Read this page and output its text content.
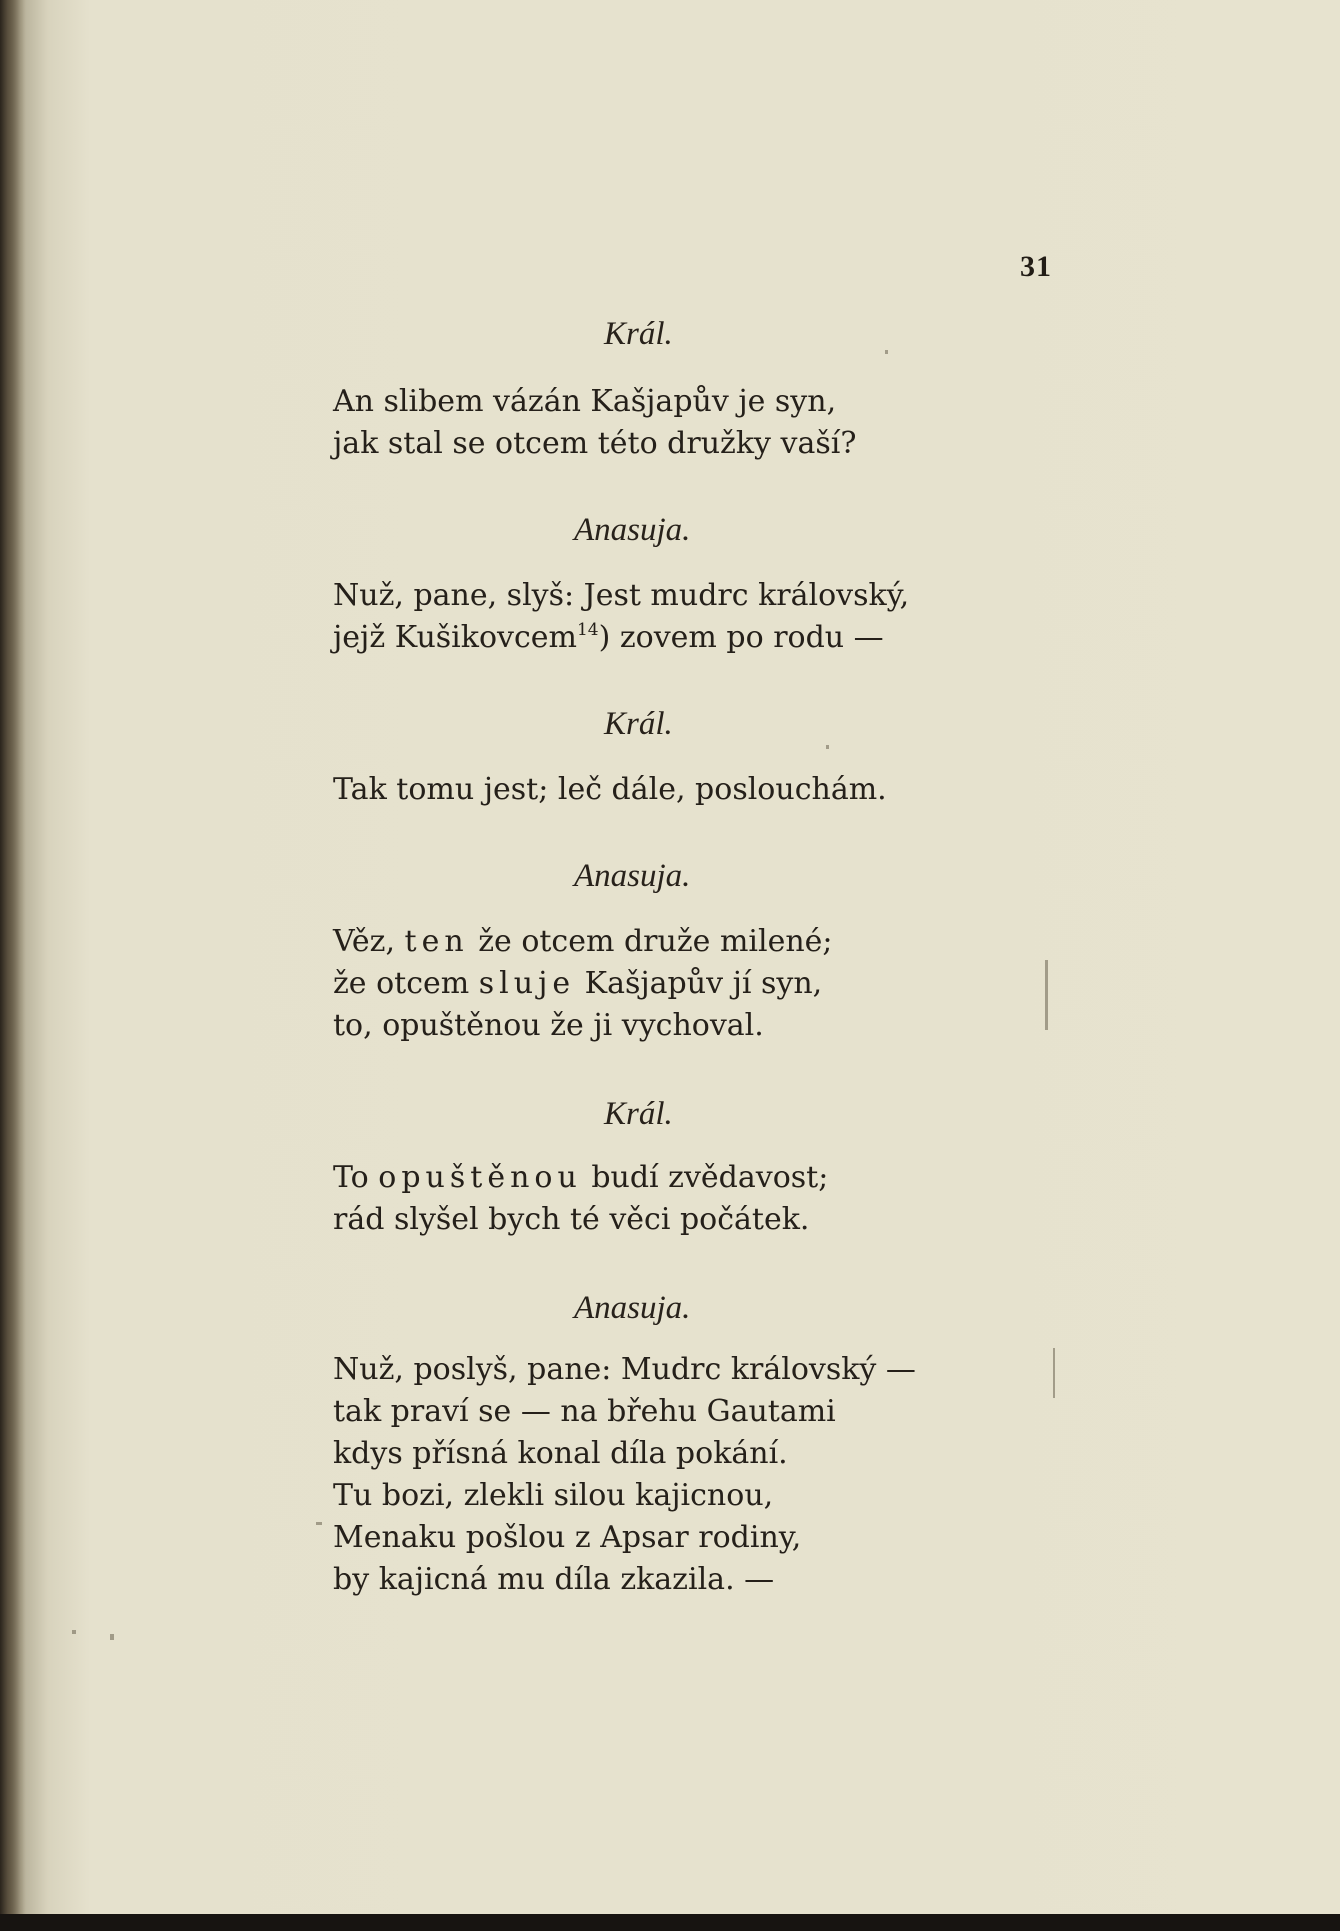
31
Král.
An slibem vázán Kašjapův je syn,
jak stal se otcem této družky vaší?
Anasuja.
Nuž, pane, slyš: Jest mudrc královský,
jejž Kušikovcem$^{14}$) zovem po rodu —
Král.
Tak tomu jest; leč dále, poslouchám.
Anasuja.
Věz, ten že otcem druže milené;
že otcem sluje Kašjapův jí syn,
to, opuštěnou že ji vychoval.
Král.
To opuštěnou budí zvědavost;
rád slyšel bych té věci počátek.
Anasuja.
Nuž, poslyš, pane: Mudrc královský —
tak praví se — na břehu Gautami
kdys přísná konal díla pokání.
Tu bozi, zlekli silou kajicnou,
Menaku pošlou z Apsar rodiny,
by kajicná mu díla zkazila. —
